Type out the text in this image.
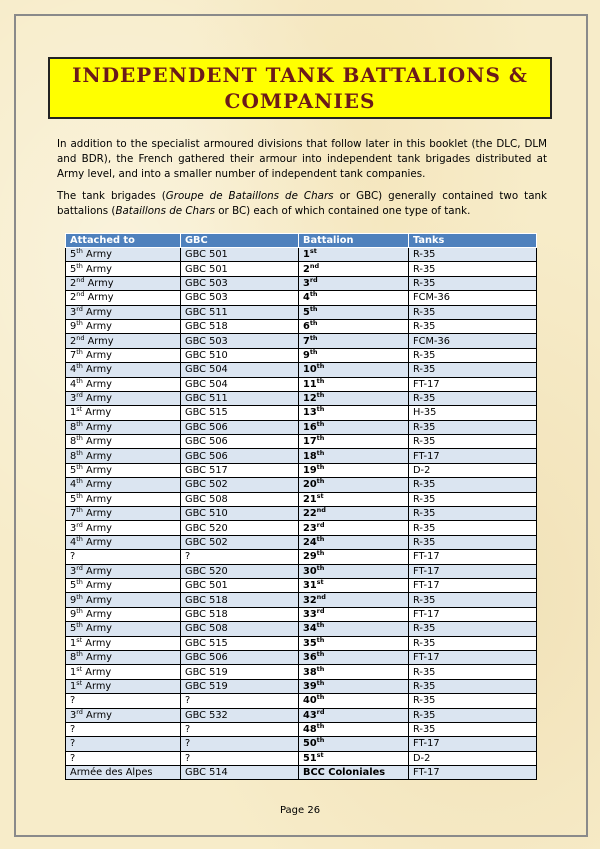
INDEPENDENT TANK BATTALIONS &
COMPANIES
In addition to the specialist armoured divisions that follow later in this booklet (the DLC, DLM and BDR), the French gathered their armour into independent tank brigades distributed at Army level, and into a smaller number of independent tank companies.
The tank brigades (Groupe de Bataillons de Chars or GBC) generally contained two tank battalions (Bataillons de Chars or BC) each of which contained one type of tank.
Attached to	GBC	Battalion	Tanks
5th Army	GBC 501	1st	R-35
5th Army	GBC 501	2nd	R-35
2nd Army	GBC 503	3rd	R-35
2nd Army	GBC 503	4th	FCM-36
3rd Army	GBC 511	5th	R-35
9th Army	GBC 518	6th	R-35
2nd Army	GBC 503	7th	FCM-36
7th Army	GBC 510	9th	R-35
4th Army	GBC 504	10th	R-35
4th Army	GBC 504	11th	FT-17
3rd Army	GBC 511	12th	R-35
1st Army	GBC 515	13th	H-35
8th Army	GBC 506	16th	R-35
8th Army	GBC 506	17th	R-35
8th Army	GBC 506	18th	FT-17
5th Army	GBC 517	19th	D-2
4th Army	GBC 502	20th	R-35
5th Army	GBC 508	21st	R-35
7th Army	GBC 510	22nd	R-35
3rd Army	GBC 520	23rd	R-35
4th Army	GBC 502	24th	R-35
?	?	29th	FT-17
3rd Army	GBC 520	30th	FT-17
5th Army	GBC 501	31st	FT-17
9th Army	GBC 518	32nd	R-35
9th Army	GBC 518	33rd	FT-17
5th Army	GBC 508	34th	R-35
1st Army	GBC 515	35th	R-35
8th Army	GBC 506	36th	FT-17
1st Army	GBC 519	38th	R-35
1st Army	GBC 519	39th	R-35
?	?	40th	R-35
3rd Army	GBC 532	43rd	R-35
?	?	48th	R-35
?	?	50th	FT-17
?	?	51st	D-2
Armée des Alpes	GBC 514	BCC Coloniales	FT-17
Page 26
